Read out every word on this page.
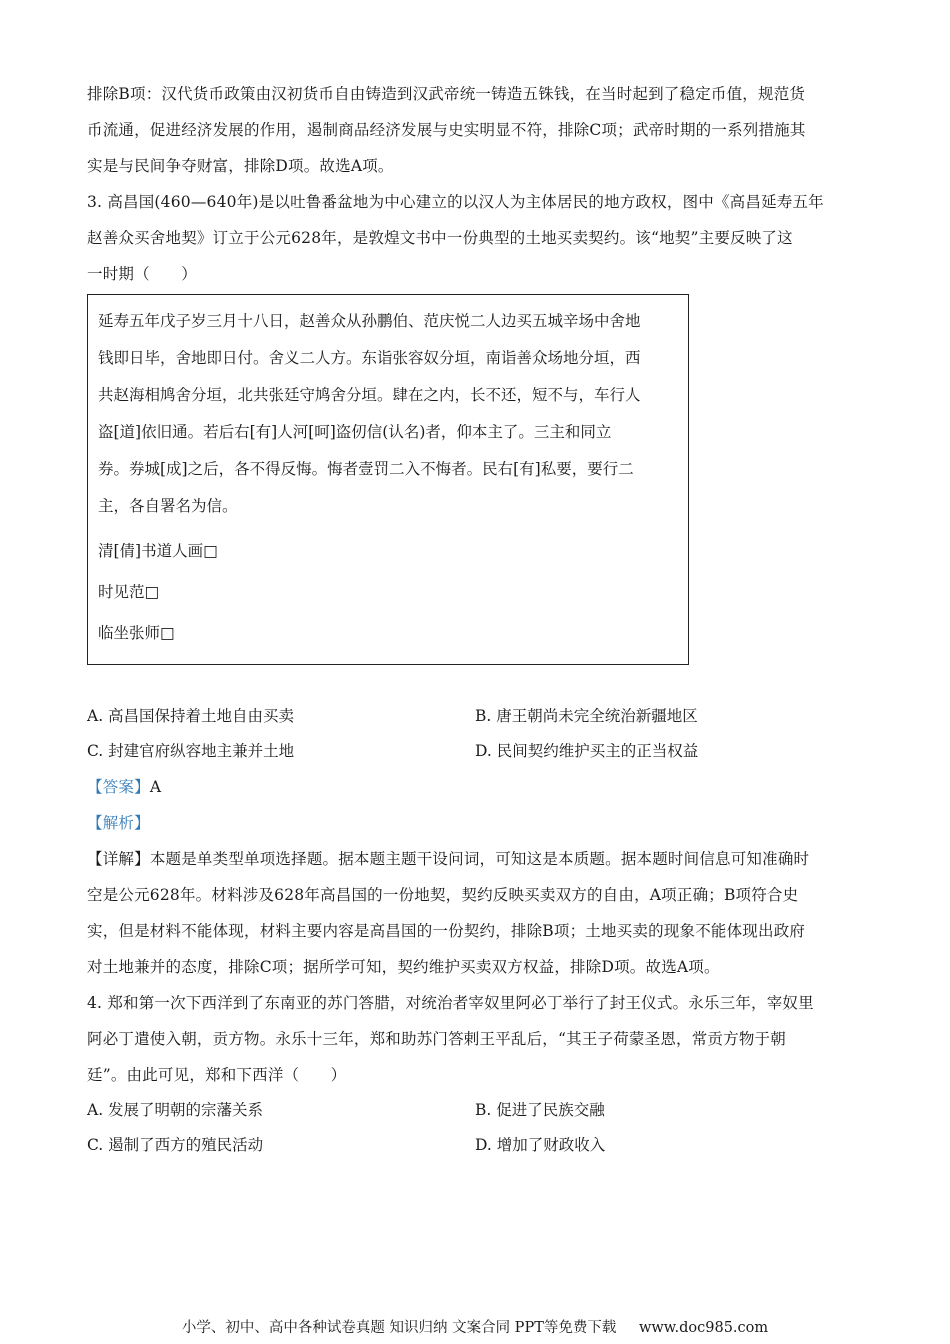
排除B项：汉代货币政策由汉初货币自由铸造到汉武帝统一铸造五铢钱，在当时起到了稳定币值，规范货
币流通，促进经济发展的作用，遏制商品经济发展与史实明显不符，排除C项；武帝时期的一系列措施其
实是与民间争夺财富，排除D项。故选A项。
3. 高昌国(460—640年)是以吐鲁番盆地为中心建立的以汉人为主体居民的地方政权，图中《高昌延寿五年
赵善众买舍地契》订立于公元628年，是敦煌文书中一份典型的土地买卖契约。该“地契”主要反映了这
一时期（　　）
延寿五年戊子岁三月十八日，赵善众从孙鹏伯、范庆悦二人边买五城辛场中舍地
钱即日毕，舍地即日付。舍义二人方。东诣张容奴分垣，南诣善众场地分垣，西
共赵海相鸠舍分垣，北共张廷守鸠舍分垣。肆在之内，长不还，短不与，车行人
盗[道]依旧通。若后右[有]人河[呵]盗仞信(认名)者，仰本主了。三主和同立
券。券城[成]之后，各不得反悔。悔者壹罚二入不悔者。民右[有]私要，要行二
主，各自署名为信。
清[倩]书道人画□
时见范□
临坐张师□
A. 高昌国保持着土地自由买卖	B. 唐王朝尚未完全统治新疆地区
C. 封建官府纵容地主兼并土地	D. 民间契约维护买主的正当权益
【答案】A
【解析】
【详解】本题是单类型单项选择题。据本题主题干设问词，可知这是本质题。据本题时间信息可知准确时
空是公元628年。材料涉及628年高昌国的一份地契，契约反映买卖双方的自由，A项正确；B项符合史
实，但是材料不能体现，材料主要内容是高昌国的一份契约，排除B项；土地买卖的现象不能体现出政府
对土地兼并的态度，排除C项；据所学可知，契约维护买卖双方权益，排除D项。故选A项。
4. 郑和第一次下西洋到了东南亚的苏门答腊，对统治者宰奴里阿必丁举行了封王仪式。永乐三年，宰奴里
阿必丁遣使入朝，贡方物。永乐十三年，郑和助苏门答剌王平乱后，“其王子荷蒙圣恩，常贡方物于朝
廷”。由此可见，郑和下西洋（　　）
A. 发展了明朝的宗藩关系	B. 促进了民族交融
C. 遏制了西方的殖民活动	D. 增加了财政收入
小学、初中、高中各种试卷真题 知识归纳 文案合同 PPT等免费下载 www.doc985.com
